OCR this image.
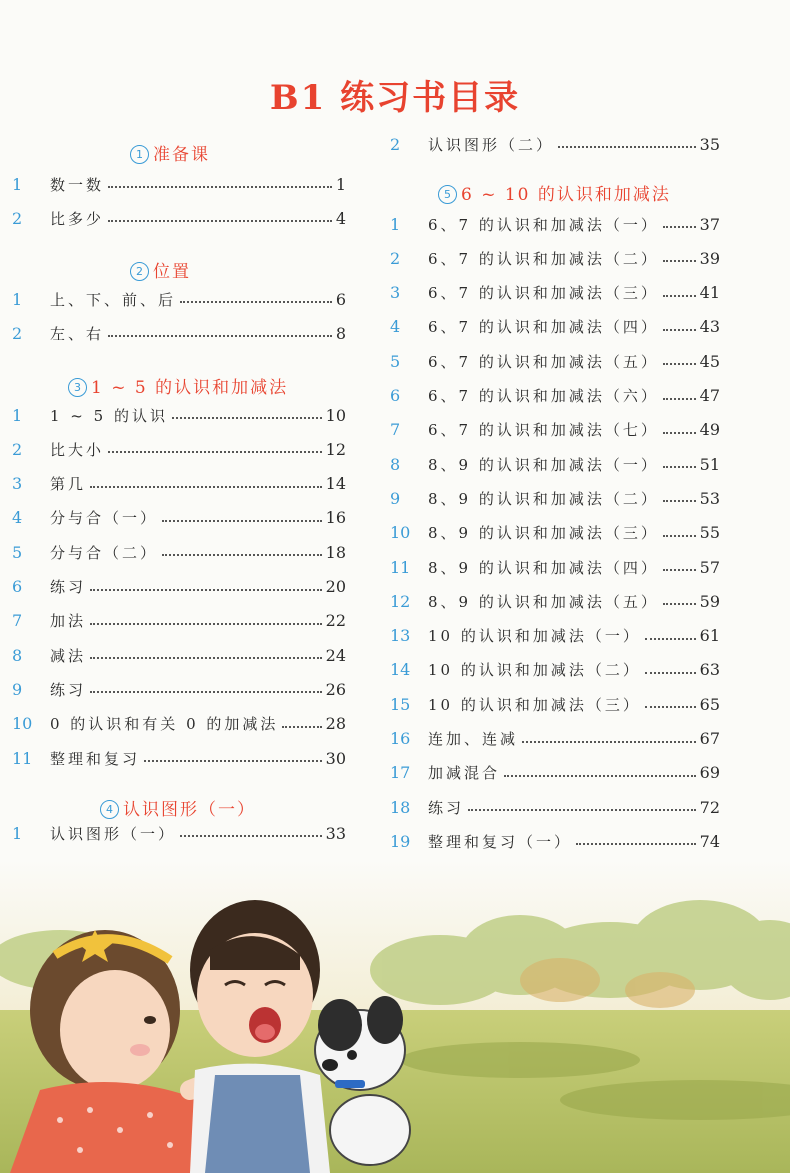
B1 练习书目录
1 准备课
1 数一数	1
2 比多少	4
2 位置
1 上、下、前、后	6
2 左、右	8
3 1 ~ 5 的认识和加减法
1 1 ~ 5 的认识	10
2 比大小	12
3 第几	14
4 分与合（一）	16
5 分与合（二）	18
6 练习	20
7 加法	22
8 减法	24
9 练习	26
10 0 的认识和有关 0 的加减法	28
11 整理和复习	30
4 认识图形（一）
1 认识图形（一）	33
2 认识图形（二）	35
5 6 ~ 10 的认识和加减法
1 6、7 的认识和加减法（一）	37
2 6、7 的认识和加减法（二）	39
3 6、7 的认识和加减法（三）	41
4 6、7 的认识和加减法（四）	43
5 6、7 的认识和加减法（五）	45
6 6、7 的认识和加减法（六）	47
7 6、7 的认识和加减法（七）	49
8 8、9 的认识和加减法（一）	51
9 8、9 的认识和加减法（二）	53
10 8、9 的认识和加减法（三）	55
11 8、9 的认识和加减法（四）	57
12 8、9 的认识和加减法（五）	59
13 10 的认识和加减法（一）	61
14 10 的认识和加减法（二）	63
15 10 的认识和加减法（三）	65
16 连加、连减	67
17 加减混合	69
18 练习	72
19 整理和复习（一）	74
